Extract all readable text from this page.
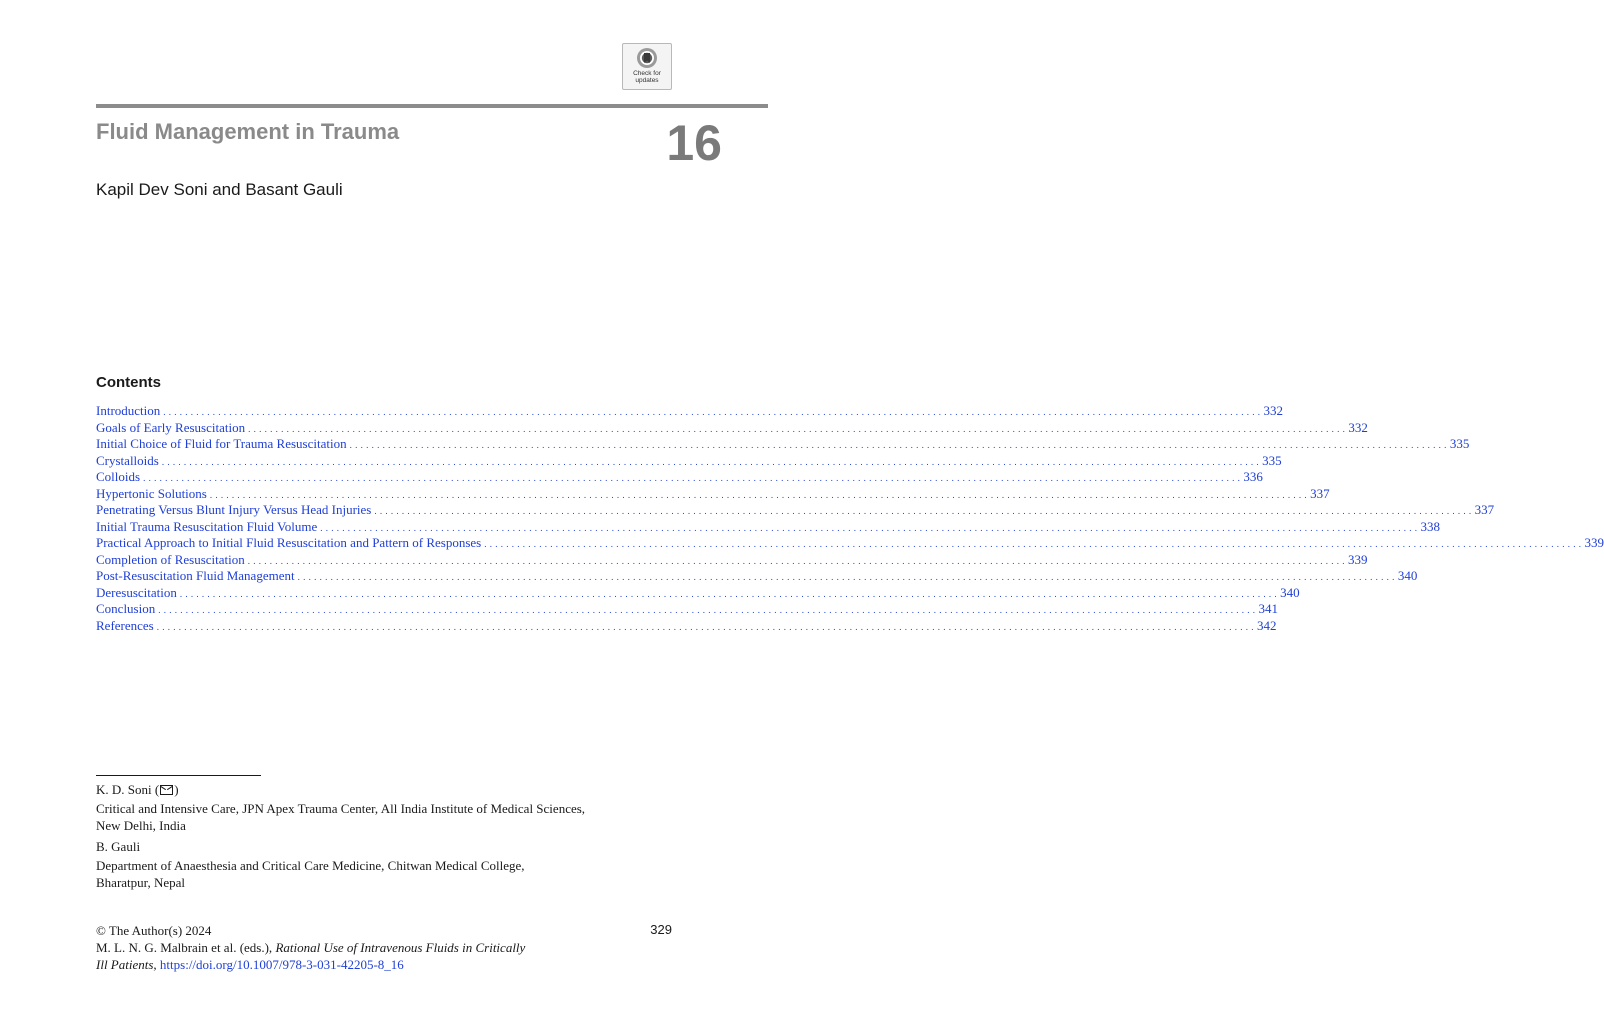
Check for
updates
Fluid Management in Trauma	16
Kapil Dev Soni and Basant Gauli
Contents
Introduction . . . . . . . . . . . . . . . . . . . . . . . . . . . . . . . . . . . . . . . . . . . . . . . . . . . . . . . . . . . . . . . . . . . . . . . . . . . . . . . . . . . . . . . . . . . . . . . . . . . . . . . . . . . . . . . . . . . . . . . . . . . . . . . . . . . . . . . . . . . . . . . . . . . . . . . . . . . . . . . . . . . . . . . . . . . . . . . . . . . . . . . . . . . . . . . . . . . . . . . . 332
Goals of Early Resuscitation . . . . . . . . . . . . . . . . . . . . . . . . . . . . . . . . . . . . . . . . . . . . . . . . . . . . . . . . . . . . . . . . . . . . . . . . . . . . . . . . . . . . . . . . . . . . . . . . . . . . . . . . . . . . . . . . . . . . . . . . . . . . . . . . . . . . . . . . . . . . . . . . . . . . . . . . . . . . . . . . . . . . . . . . . . . . . . . . . . . . . . . . . . . . . . . . . . . . . . . . 332
Initial Choice of Fluid for Trauma Resuscitation . . . . . . . . . . . . . . . . . . . . . . . . . . . . . . . . . . . . . . . . . . . . . . . . . . . . . . . . . . . . . . . . . . . . . . . . . . . . . . . . . . . . . . . . . . . . . . . . . . . . . . . . . . . . . . . . . . . . . . . . . . . . . . . . . . . . . . . . . . . . . . . . . . . . . . . . . . . . . . . . . . . . . . . . . . . . . . . . . . . . . . . . . . . . . . . . . . . . . . . . 335
Crystalloids . . . . . . . . . . . . . . . . . . . . . . . . . . . . . . . . . . . . . . . . . . . . . . . . . . . . . . . . . . . . . . . . . . . . . . . . . . . . . . . . . . . . . . . . . . . . . . . . . . . . . . . . . . . . . . . . . . . . . . . . . . . . . . . . . . . . . . . . . . . . . . . . . . . . . . . . . . . . . . . . . . . . . . . . . . . . . . . . . . . . . . . . . . . . . . . . . . . . . . . . 335
Colloids . . . . . . . . . . . . . . . . . . . . . . . . . . . . . . . . . . . . . . . . . . . . . . . . . . . . . . . . . . . . . . . . . . . . . . . . . . . . . . . . . . . . . . . . . . . . . . . . . . . . . . . . . . . . . . . . . . . . . . . . . . . . . . . . . . . . . . . . . . . . . . . . . . . . . . . . . . . . . . . . . . . . . . . . . . . . . . . . . . . . . . . . . . . . . . . . . . . . . . . . 336
Hypertonic Solutions . . . . . . . . . . . . . . . . . . . . . . . . . . . . . . . . . . . . . . . . . . . . . . . . . . . . . . . . . . . . . . . . . . . . . . . . . . . . . . . . . . . . . . . . . . . . . . . . . . . . . . . . . . . . . . . . . . . . . . . . . . . . . . . . . . . . . . . . . . . . . . . . . . . . . . . . . . . . . . . . . . . . . . . . . . . . . . . . . . . . . . . . . . . . . . . . . . . . . . . . 337
Penetrating Versus Blunt Injury Versus Head Injuries . . . . . . . . . . . . . . . . . . . . . . . . . . . . . . . . . . . . . . . . . . . . . . . . . . . . . . . . . . . . . . . . . . . . . . . . . . . . . . . . . . . . . . . . . . . . . . . . . . . . . . . . . . . . . . . . . . . . . . . . . . . . . . . . . . . . . . . . . . . . . . . . . . . . . . . . . . . . . . . . . . . . . . . . . . . . . . . . . . . . . . . . . . . . . . . . . . . . . . . . 337
Initial Trauma Resuscitation Fluid Volume . . . . . . . . . . . . . . . . . . . . . . . . . . . . . . . . . . . . . . . . . . . . . . . . . . . . . . . . . . . . . . . . . . . . . . . . . . . . . . . . . . . . . . . . . . . . . . . . . . . . . . . . . . . . . . . . . . . . . . . . . . . . . . . . . . . . . . . . . . . . . . . . . . . . . . . . . . . . . . . . . . . . . . . . . . . . . . . . . . . . . . . . . . . . . . . . . . . . . . . . 338
Practical Approach to Initial Fluid Resuscitation and Pattern of Responses . . . . . . . . . . . . . . . . . . . . . . . . . . . . . . . . . . . . . . . . . . . . . . . . . . . . . . . . . . . . . . . . . . . . . . . . . . . . . . . . . . . . . . . . . . . . . . . . . . . . . . . . . . . . . . . . . . . . . . . . . . . . . . . . . . . . . . . . . . . . . . . . . . . . . . . . . . . . . . . . . . . . . . . . . . . . . . . . . . . . . . . . . . . . . . . . . . . . . . . . 339
Completion of Resuscitation . . . . . . . . . . . . . . . . . . . . . . . . . . . . . . . . . . . . . . . . . . . . . . . . . . . . . . . . . . . . . . . . . . . . . . . . . . . . . . . . . . . . . . . . . . . . . . . . . . . . . . . . . . . . . . . . . . . . . . . . . . . . . . . . . . . . . . . . . . . . . . . . . . . . . . . . . . . . . . . . . . . . . . . . . . . . . . . . . . . . . . . . . . . . . . . . . . . . . . . . 339
Post-Resuscitation Fluid Management . . . . . . . . . . . . . . . . . . . . . . . . . . . . . . . . . . . . . . . . . . . . . . . . . . . . . . . . . . . . . . . . . . . . . . . . . . . . . . . . . . . . . . . . . . . . . . . . . . . . . . . . . . . . . . . . . . . . . . . . . . . . . . . . . . . . . . . . . . . . . . . . . . . . . . . . . . . . . . . . . . . . . . . . . . . . . . . . . . . . . . . . . . . . . . . . . . . . . . . . 340
Deresuscitation . . . . . . . . . . . . . . . . . . . . . . . . . . . . . . . . . . . . . . . . . . . . . . . . . . . . . . . . . . . . . . . . . . . . . . . . . . . . . . . . . . . . . . . . . . . . . . . . . . . . . . . . . . . . . . . . . . . . . . . . . . . . . . . . . . . . . . . . . . . . . . . . . . . . . . . . . . . . . . . . . . . . . . . . . . . . . . . . . . . . . . . . . . . . . . . . . . . . . . . . 340
Conclusion . . . . . . . . . . . . . . . . . . . . . . . . . . . . . . . . . . . . . . . . . . . . . . . . . . . . . . . . . . . . . . . . . . . . . . . . . . . . . . . . . . . . . . . . . . . . . . . . . . . . . . . . . . . . . . . . . . . . . . . . . . . . . . . . . . . . . . . . . . . . . . . . . . . . . . . . . . . . . . . . . . . . . . . . . . . . . . . . . . . . . . . . . . . . . . . . . . . . . . . . 341
References . . . . . . . . . . . . . . . . . . . . . . . . . . . . . . . . . . . . . . . . . . . . . . . . . . . . . . . . . . . . . . . . . . . . . . . . . . . . . . . . . . . . . . . . . . . . . . . . . . . . . . . . . . . . . . . . . . . . . . . . . . . . . . . . . . . . . . . . . . . . . . . . . . . . . . . . . . . . . . . . . . . . . . . . . . . . . . . . . . . . . . . . . . . . . . . . . . . . . . . . 342
K. D. Soni ( )
Critical and Intensive Care, JPN Apex Trauma Center, All India Institute of Medical Sciences,
New Delhi, India
B. Gauli
Department of Anaesthesia and Critical Care Medicine, Chitwan Medical College,
Bharatpur, Nepal
© The Author(s) 2024
M. L. N. G. Malbrain et al. (eds.), Rational Use of Intravenous Fluids in Critically
Ill Patients, https://doi.org/10.1007/978-3-031-42205-8_16
329
